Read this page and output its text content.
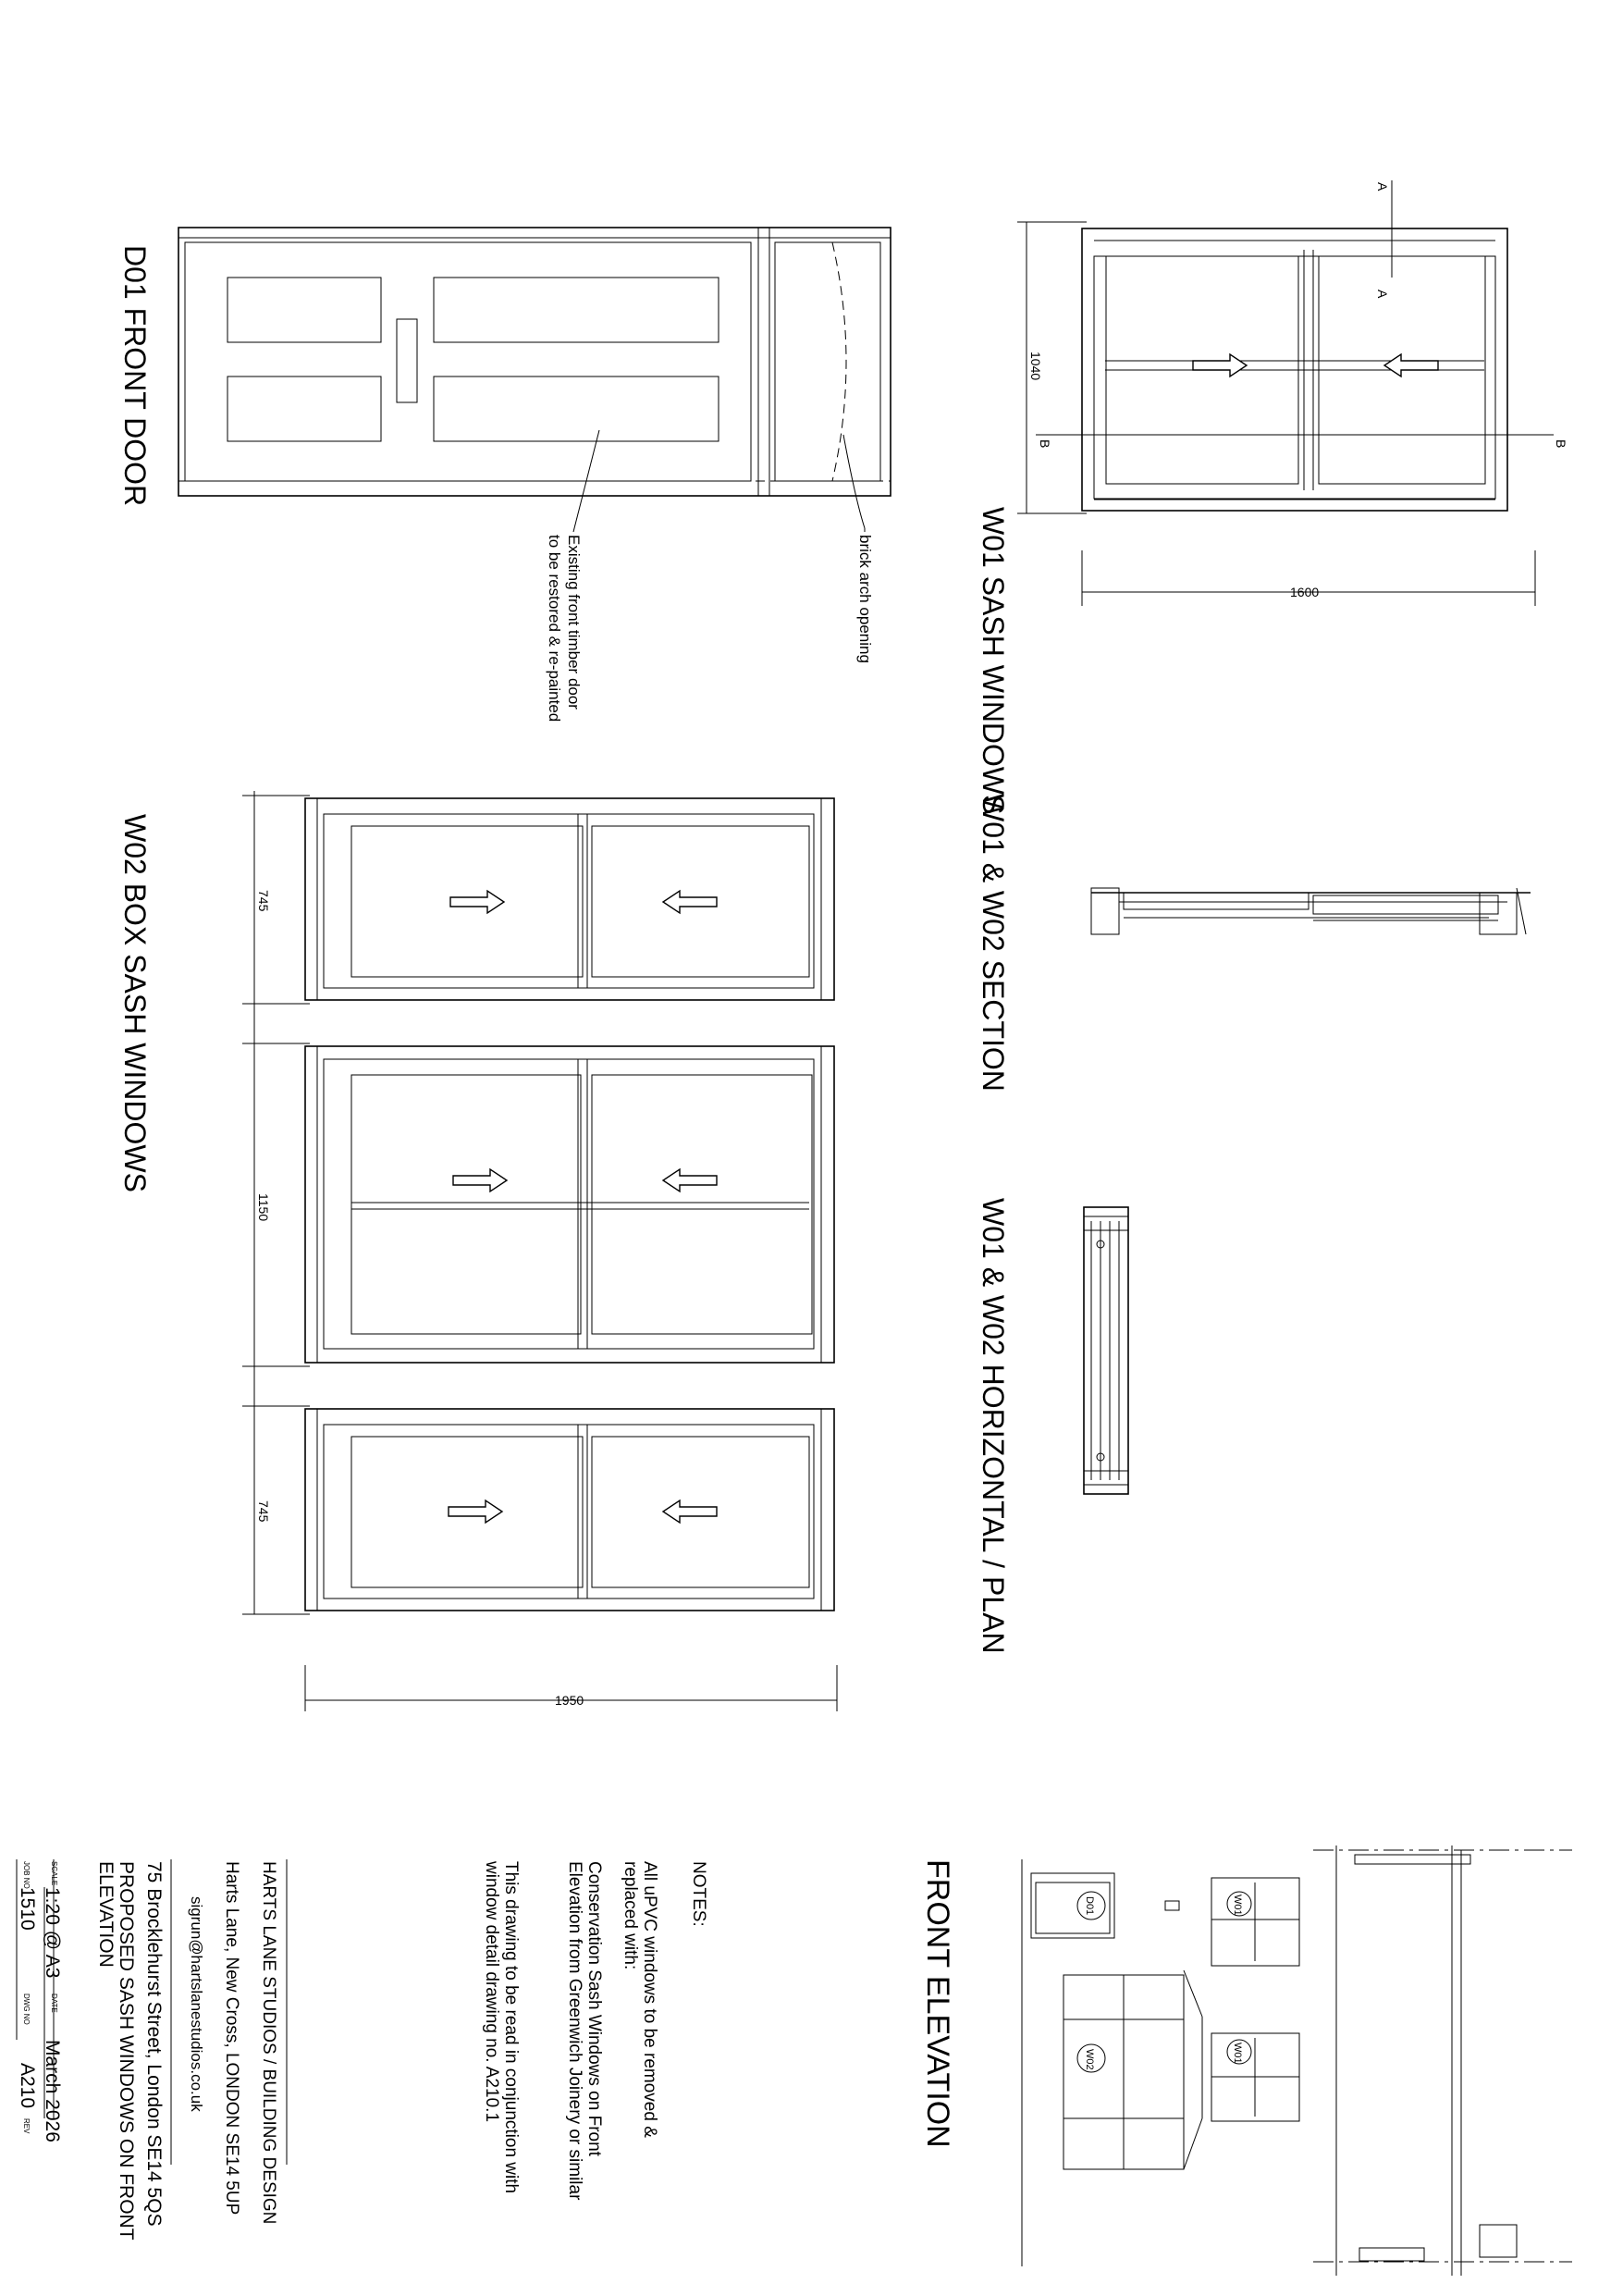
W01 SASH WINDOWS
D01 FRONT DOOR
W01 & W02 SECTION
W01 & W02 HORIZONTAL / PLAN
W02 BOX SASH WINDOWS
FRONT ELEVATION
brick arch opening
Existing front timber door
to be restored & re-painted
1040
1600
745
1150
745
1950
A
A
B	B
D01	W01
W02	W01
NOTES:
All uPVC windows to be removed &
replaced with:
Conservation Sash Windows on Front
Elevation from Greenwich Joinery or similar
This drawing to be read in conjunction with
window detail drawing no. A210.1
HARTS LANE STUDIOS / BUILDING DESIGN
Harts Lane, New Cross, LONDON SE14 5UP
sigrun@hartslanestudios.co.uk
75 Brocklehurst Street, London SE14 5QS
PROPOSED SASH WINDOWS ON FRONT
ELEVATION
SCALE
1:20 @ A3
DATE
March 2026
JOB NO
1510
DWG NO
A210
REV
